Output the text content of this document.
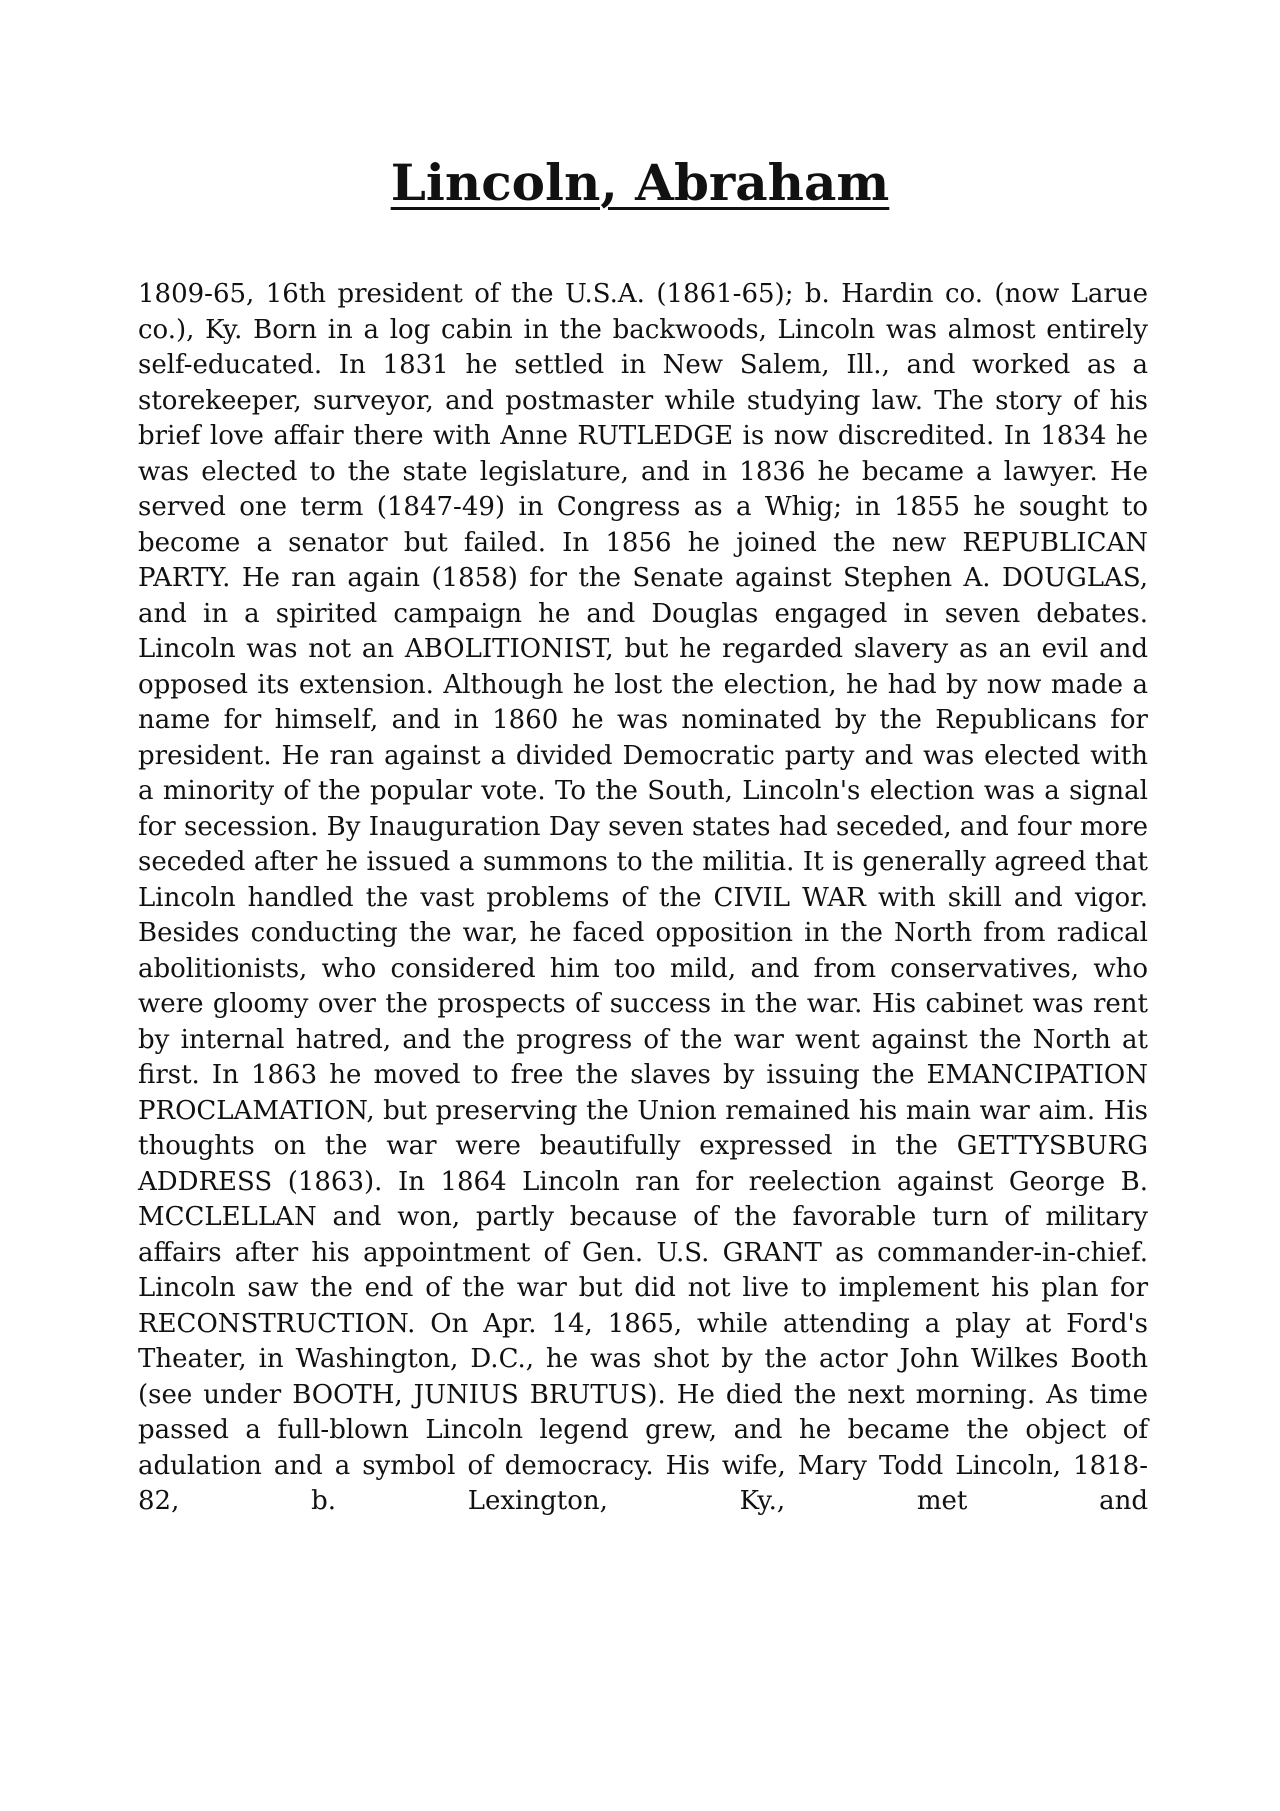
Lincoln, Abraham

1809-65, 16th president of the U.S.A. (1861-65); b. Hardin co. (now Larue co.), Ky. Born in a log cabin in the backwoods, Lincoln was almost entirely self-educated. In 1831 he settled in New Salem, Ill., and worked as a storekeeper, surveyor, and postmaster while studying law. The story of his brief love affair there with Anne RUTLEDGE is now discredited. In 1834 he was elected to the state legislature, and in 1836 he became a lawyer. He served one term (1847-49) in Congress as a Whig; in 1855 he sought to become a senator but failed. In 1856 he joined the new REPUBLICAN PARTY. He ran again (1858) for the Senate against Stephen A. DOUGLAS, and in a spirited campaign he and Douglas engaged in seven debates. Lincoln was not an ABOLITIONIST, but he regarded slavery as an evil and opposed its extension. Although he lost the election, he had by now made a name for himself, and in 1860 he was nominated by the Republicans for president. He ran against a divided Democratic party and was elected with a minority of the popular vote. To the South, Lincoln's election was a signal for secession. By Inauguration Day seven states had seceded, and four more seceded after he issued a summons to the militia. It is generally agreed that Lincoln handled the vast problems of the CIVIL WAR with skill and vigor. Besides conducting the war, he faced opposition in the North from radical abolitionists, who considered him too mild, and from conservatives, who were gloomy over the prospects of success in the war. His cabinet was rent by internal hatred, and the progress of the war went against the North at first. In 1863 he moved to free the slaves by issuing the EMANCIPATION PROCLAMATION, but preserving the Union remained his main war aim. His thoughts on the war were beautifully expressed in the GETTYSBURG ADDRESS (1863). In 1864 Lincoln ran for reelection against George B. MCCLELLAN and won, partly because of the favorable turn of military affairs after his appointment of Gen. U.S. GRANT as commander-in-chief. Lincoln saw the end of the war but did not live to implement his plan for RECONSTRUCTION. On Apr. 14, 1865, while attending a play at Ford's Theater, in Washington, D.C., he was shot by the actor John Wilkes Booth (see under BOOTH, JUNIUS BRUTUS). He died the next morning. As time passed a full-blown Lincoln legend grew, and he became the object of adulation and a symbol of democracy. His wife, Mary Todd Lincoln, 1818-82, b. Lexington, Ky., met and
